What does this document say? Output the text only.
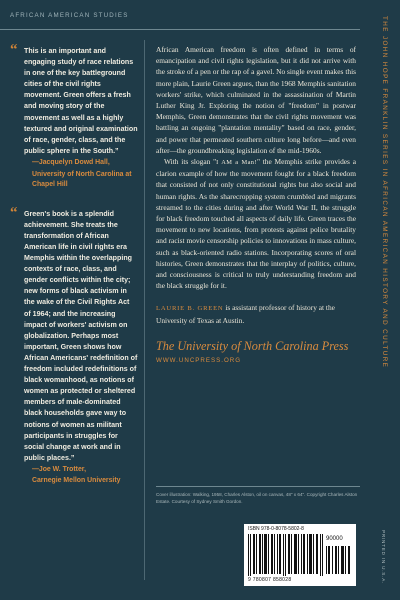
AFRICAN AMERICAN STUDIES
“ This is an important and engaging study of race relations in one of the key battleground cities of the civil rights movement. Green offers a fresh and moving story of the movement as well as a highly textured and original examination of race, gender, class, and the public sphere in the South.”
—Jacquelyn Dowd Hall,
University of North Carolina at Chapel Hill
“ Green's book is a splendid achievement. She treats the transformation of African American life in civil rights era Memphis within the overlapping contexts of race, class, and gender conflicts within the city; new forms of black activism in the wake of the Civil Rights Act of 1964; and the increasing impact of workers' activism on globalization. Perhaps most important, Green shows how African Americans' redefinition of freedom included redefinitions of black womanhood, as notions of women as protected or sheltered members of male-dominated black households gave way to notions of women as militant participants in struggles for social change at work and in public places.”
—Joe W. Trotter,
Carnegie Mellon University

African American freedom is often defined in terms of emancipation and civil rights legislation, but it did not arrive with the stroke of a pen or the rap of a gavel. No single event makes this more plain, Laurie Green argues, than the 1968 Memphis sanitation workers' strike, which culminated in the assassination of Martin Luther King Jr. Exploring the notion of "freedom" in postwar Memphis, Green demonstrates that the civil rights movement was battling an ongoing "plantation mentality" based on race, gender, and power that permeated southern culture long before—and even after—the groundbreaking legislation of the mid-1960s.

With its slogan "I AM a Man!" the Memphis strike provides a clarion example of how the movement fought for a black freedom that consisted of not only constitutional rights but also social and human rights. As the sharecropping system crumbled and migrants streamed to the cities during and after World War II, the struggle for black freedom touched all aspects of daily life. Green traces the movement to new locations, from protests against police brutality and racist movie censorship policies to innovations in mass culture, such as black-oriented radio stations. Incorporating scores of oral histories, Green demonstrates that the interplay of politics, culture, and consciousness is critical to truly understanding freedom and the black struggle for it.

LAURIE B. GREEN is assistant professor of history at the University of Texas at Austin.
The University of North Carolina Press
WWW.UNCPRESS.ORG
Cover illustration: Walking, 1958, Charles Alston, oil on canvas, 48" x 64". Copyright Charles Alston Estate. Courtesy of Sydney Smith Gordon.
ISBN 978-0-8078-5802-8
90000
9 780807 858028
THE JOHN HOPE FRANKLIN SERIES IN AFRICAN AMERICAN HISTORY AND CULTURE
PRINTED IN U.S.A.
